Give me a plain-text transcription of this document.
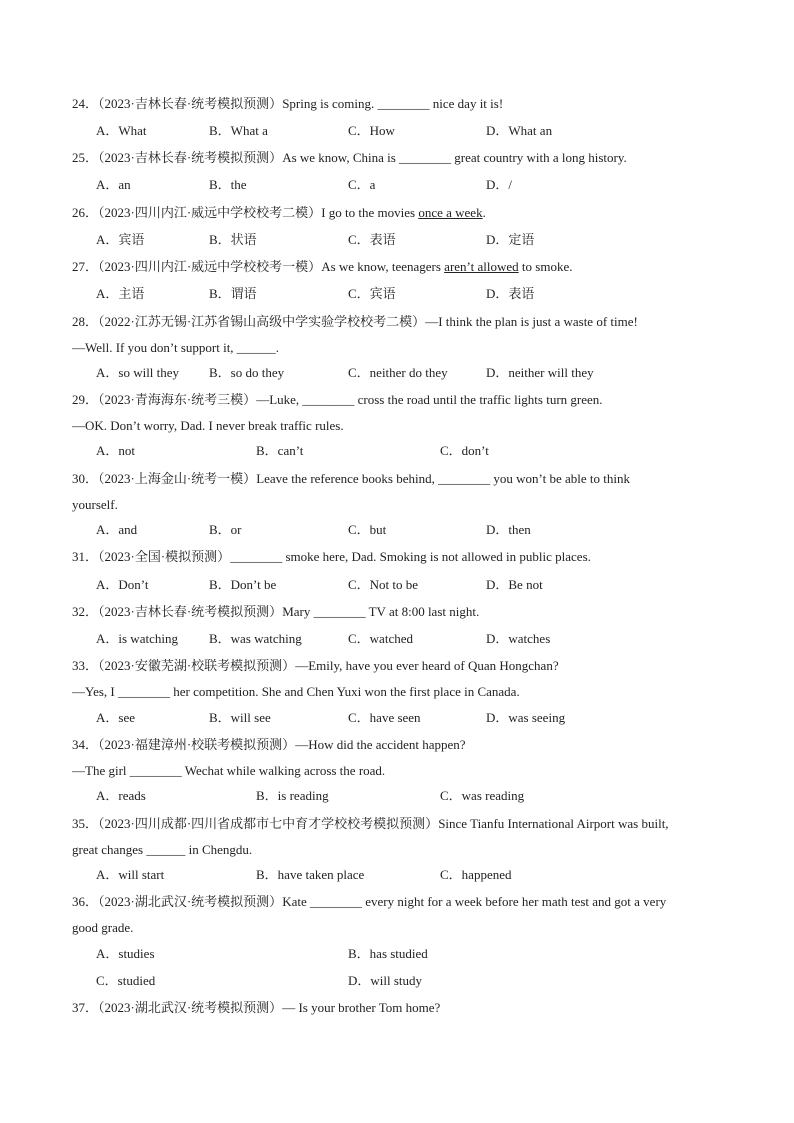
24．（2023·吉林长春·统考模拟预测）Spring is coming. ________ nice day it is!
A．What	B．What a	C．How	D．What an
25．（2023·吉林长春·统考模拟预测）As we know, China is ________ great country with a long history.
A．an	B．the	C．a	D．/
26．（2023·四川内江·威远中学校校考二模）I go to the movies once a week.
A．宾语	B．状语	C．表语	D．定语
27．（2023·四川内江·威远中学校校考一模）As we know, teenagers aren’t allowed to smoke.
A．主语	B．谓语	C．宾语	D．表语
28．（2022·江苏无锡·江苏省锡山高级中学实验学校校考二模）—I think the plan is just a waste of time!
—Well. If you don’t support it, ______.
A．so will they B．so do they	C．neither do they	D．neither will they
29．（2023·青海海东·统考三模）—Luke, ________ cross the road until the traffic lights turn green.
—OK. Don’t worry, Dad. I never break traffic rules.
A．not	B．can’t	C．don’t
30．（2023·上海金山·统考一模）Leave the reference books behind, ________ you won’t be able to think
yourself.
A．and	B．or	C．but	D．then
31．（2023·全国·模拟预测）________ smoke here, Dad. Smoking is not allowed in public places.
A．Don’t	B．Don’t be	C．Not to be	D．Be not
32．（2023·吉林长春·统考模拟预测）Mary ________ TV at 8:00 last night.
A．is watching B．was watching	C．watched	D．watches
33．（2023·安徽芜湖·校联考模拟预测）—Emily, have you ever heard of Quan Hongchan?
—Yes, I ________ her competition. She and Chen Yuxi won the first place in Canada.
A．see	B．will see	C．have seen	D．was seeing
34．（2023·福建漳州·校联考模拟预测）—How did the accident happen?
—The girl ________ Wechat while walking across the road.
A．reads	B．is reading	C．was reading
35．（2023·四川成都·四川省成都市七中育才学校校考模拟预测）Since Tianfu International Airport was built,
great changes ______ in Chengdu.
A．will start	B．have taken place	C．happened
36．（2023·湖北武汉·统考模拟预测）Kate ________ every night for a week before her math test and got a very
good grade.
A．studies	B．has studied
C．studied	D．will study
37．（2023·湖北武汉·统考模拟预测）— Is your brother Tom home?
